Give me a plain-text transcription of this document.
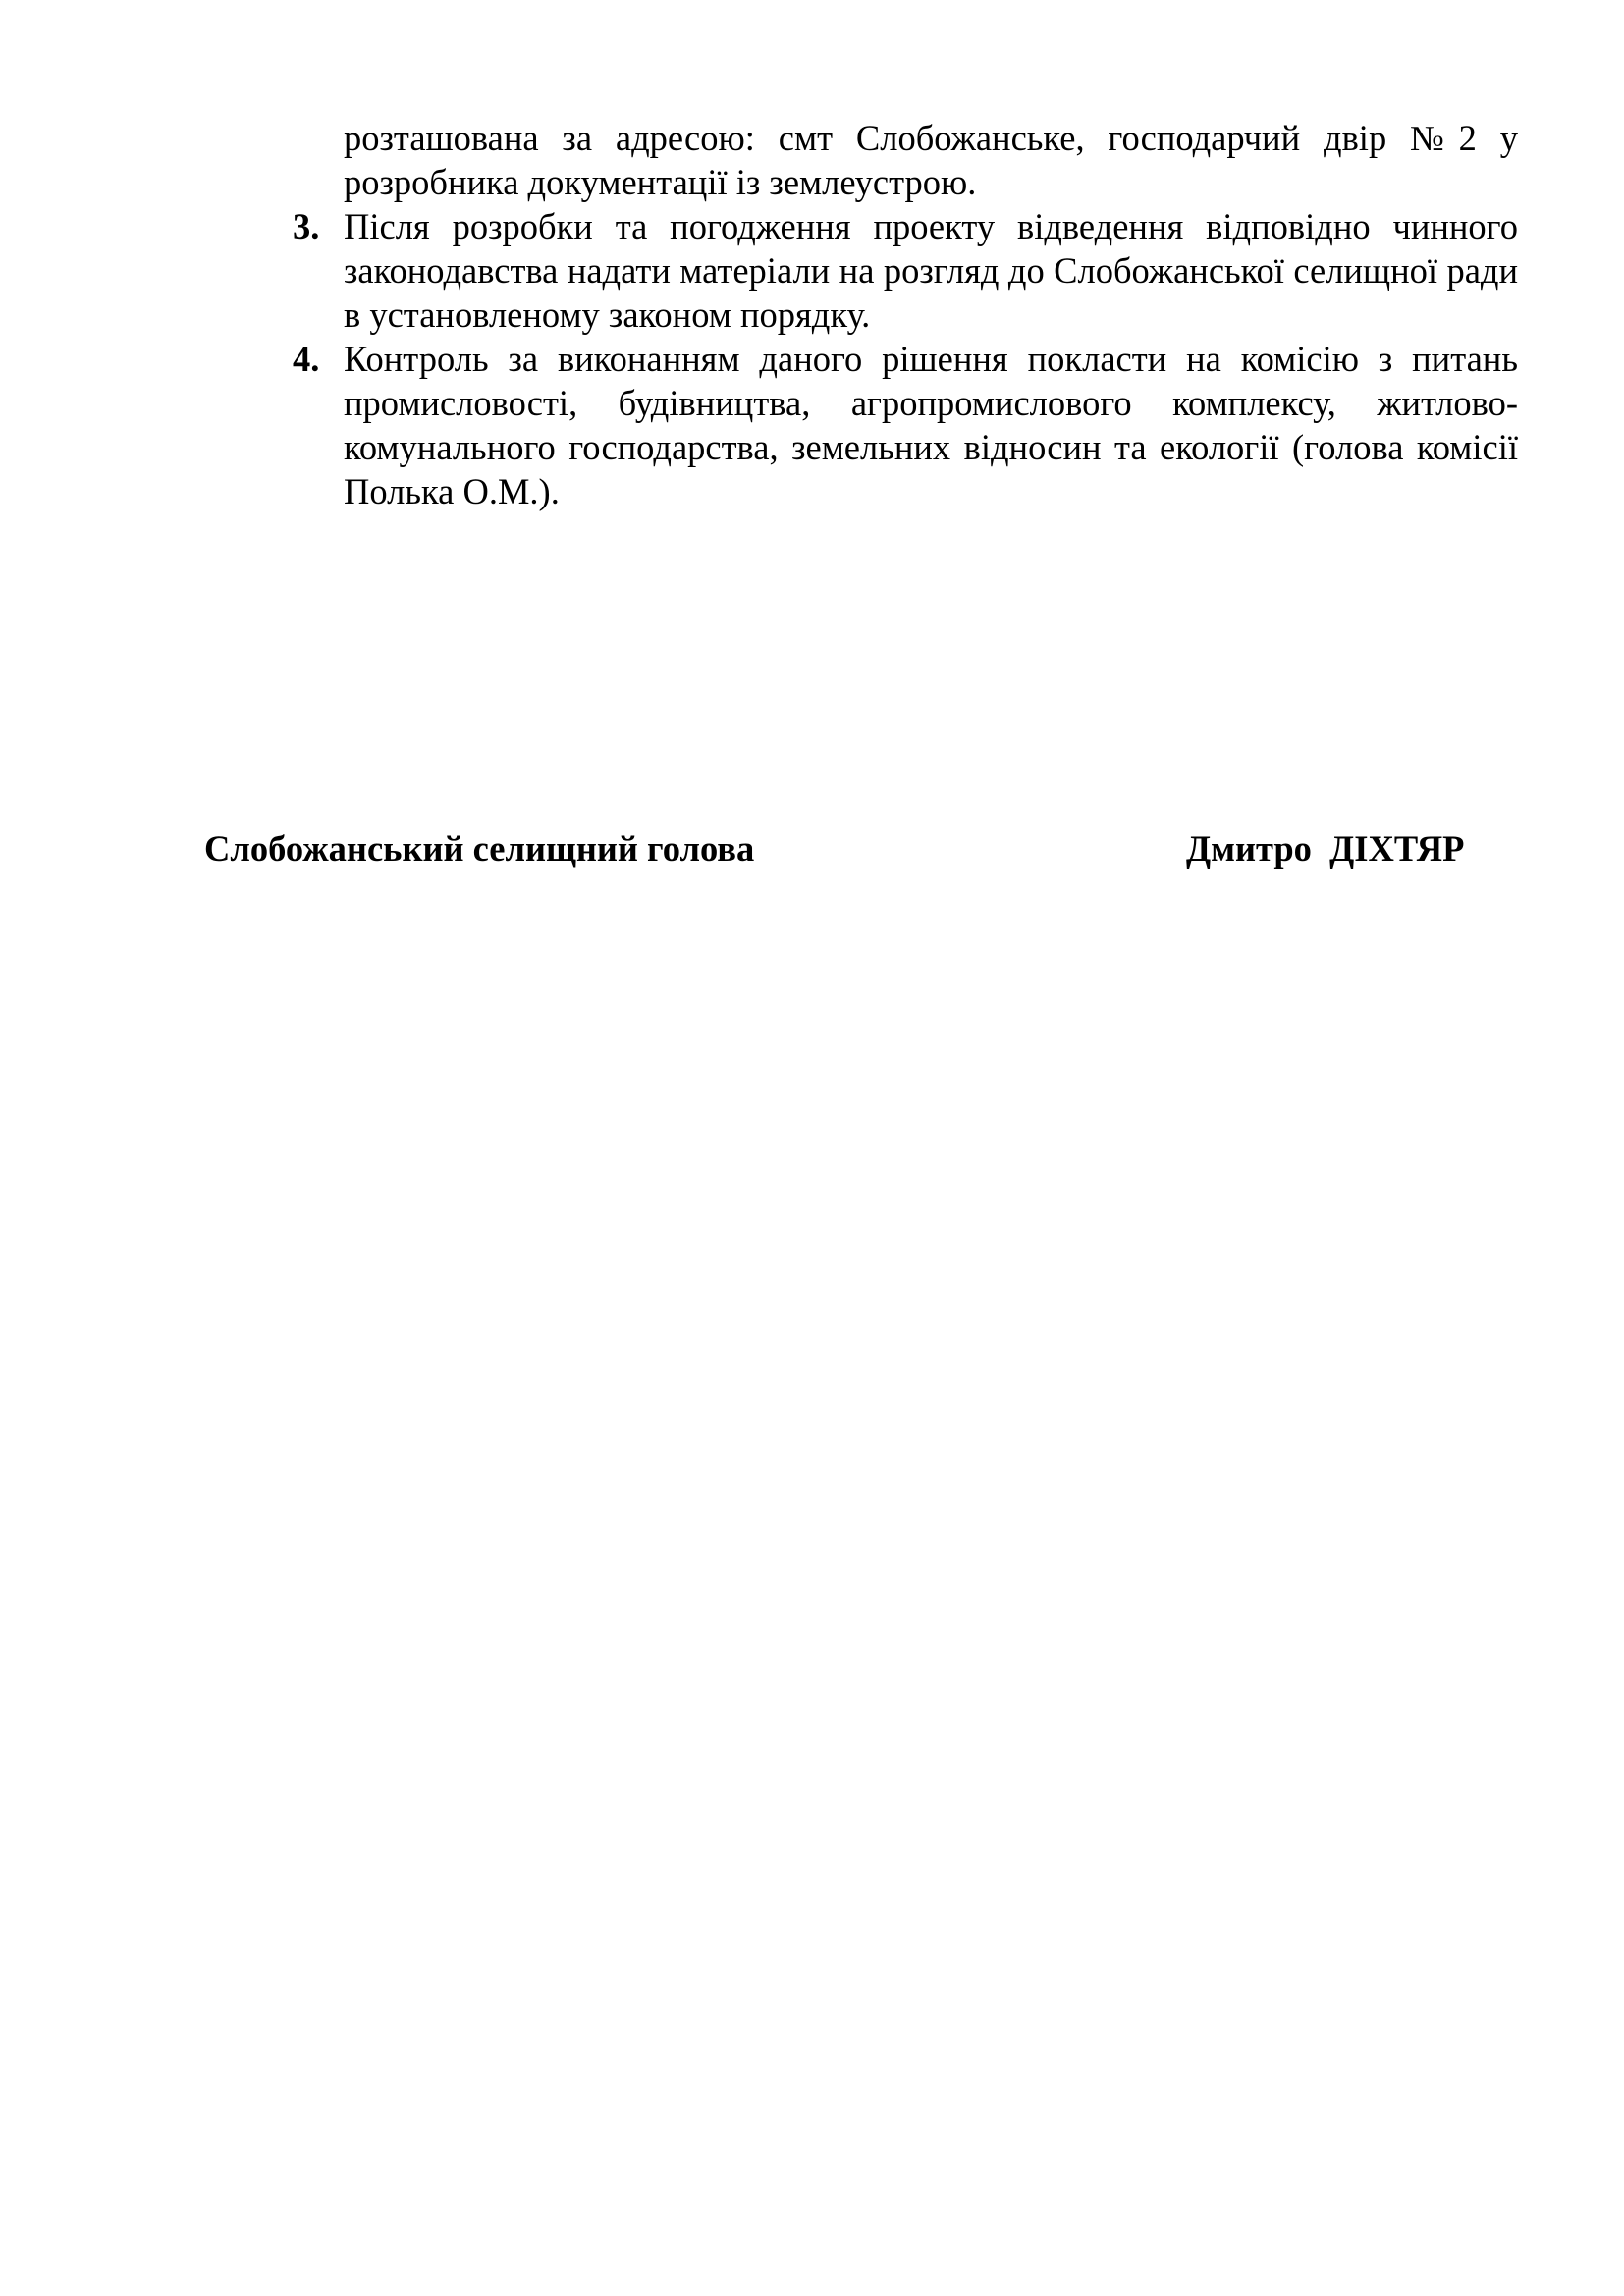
розташована за адресою: смт Слобожанське, господарчий двір №2 у розробника документації із землеустрою.
3. Після розробки та погодження проекту відведення відповідно чинного законодавства надати матеріали на розгляд до Слобожанської селищної ради в установленому законом порядку.
4. Контроль за виконанням даного рішення покласти на комісію з питань промисловості, будівництва, агропромислового комплексу, житлово-комунального господарства, земельних відносин та екології (голова комісії Полька О.М.).
Слобожанський селищний голова	Дмитро  ДІХТЯР
